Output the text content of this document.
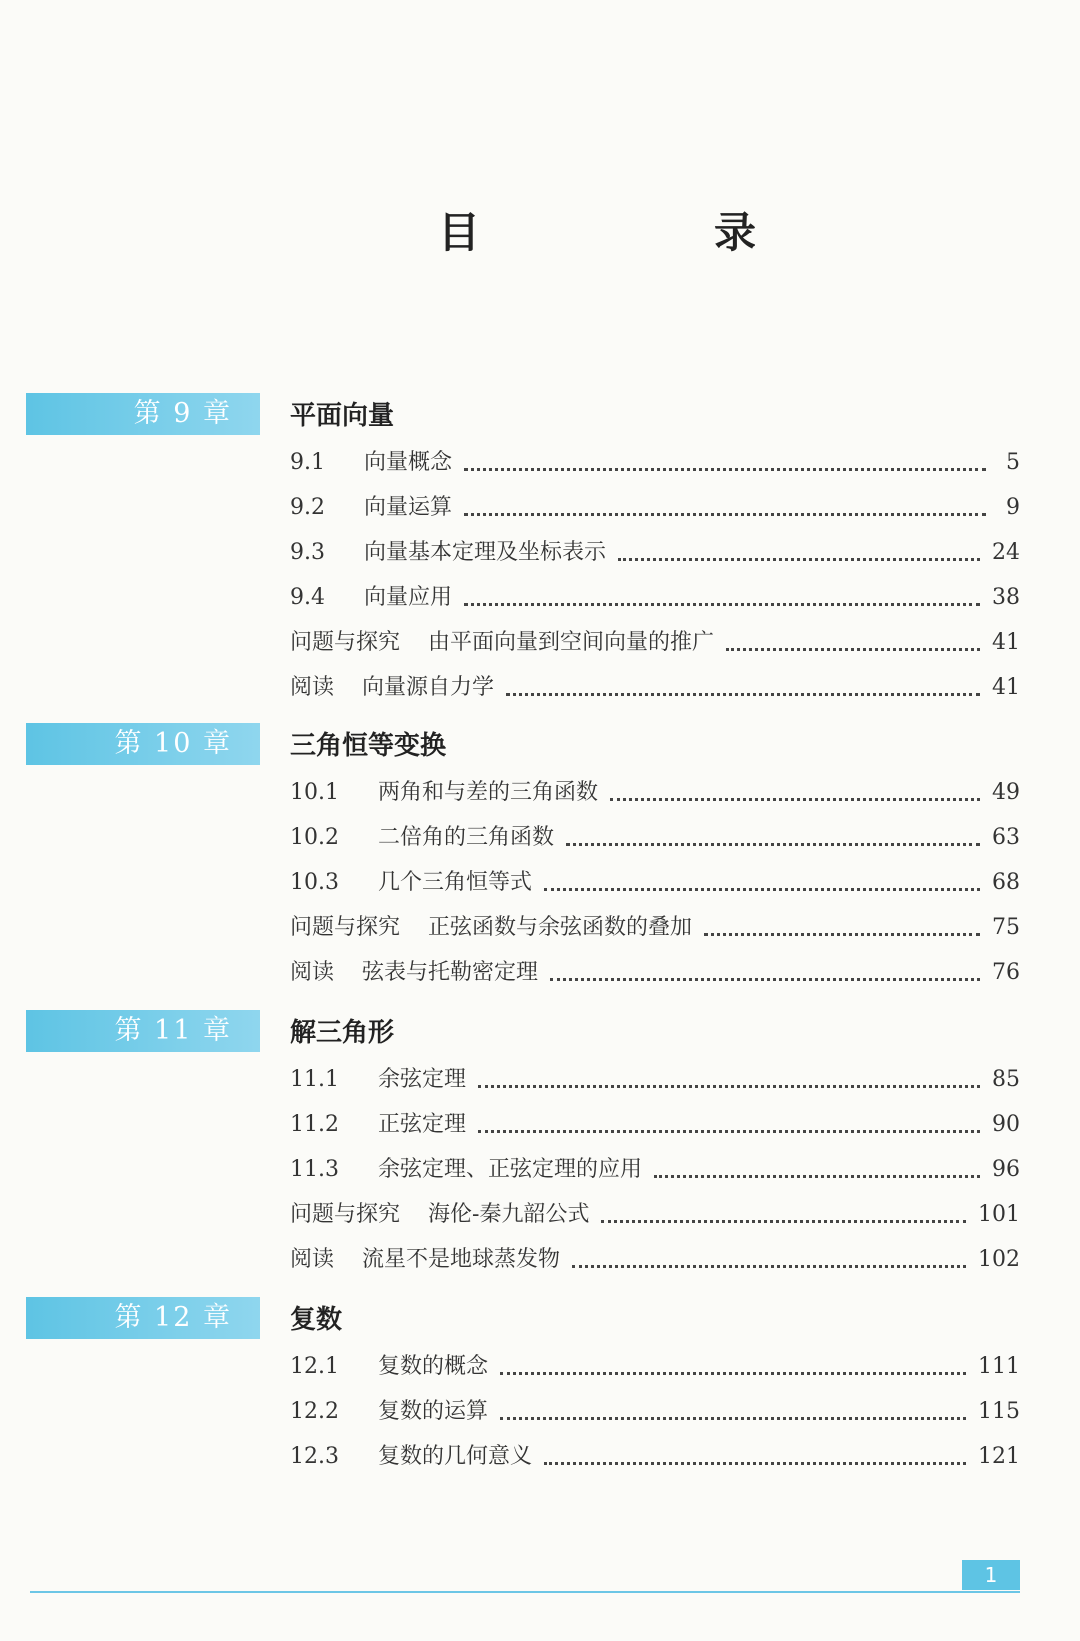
目　录
第 9 章	平面向量
9.1	向量概念	5
9.2	向量运算	9
9.3	向量基本定理及坐标表示	24
9.4	向量应用	38
问题与探究 由平面向量到空间向量的推广	41
阅读 向量源自力学	41
第 10 章	三角恒等变换
10.1	两角和与差的三角函数	49
10.2	二倍角的三角函数	63
10.3	几个三角恒等式	68
问题与探究 正弦函数与余弦函数的叠加	75
阅读 弦表与托勒密定理	76
第 11 章	解三角形
11.1	余弦定理	85
11.2	正弦定理	90
11.3	余弦定理、正弦定理的应用	96
问题与探究 海伦-秦九韶公式	101
阅读 流星不是地球蒸发物	102
第 12 章	复数
12.1	复数的概念	111
12.2	复数的运算	115
12.3	复数的几何意义	121
1
